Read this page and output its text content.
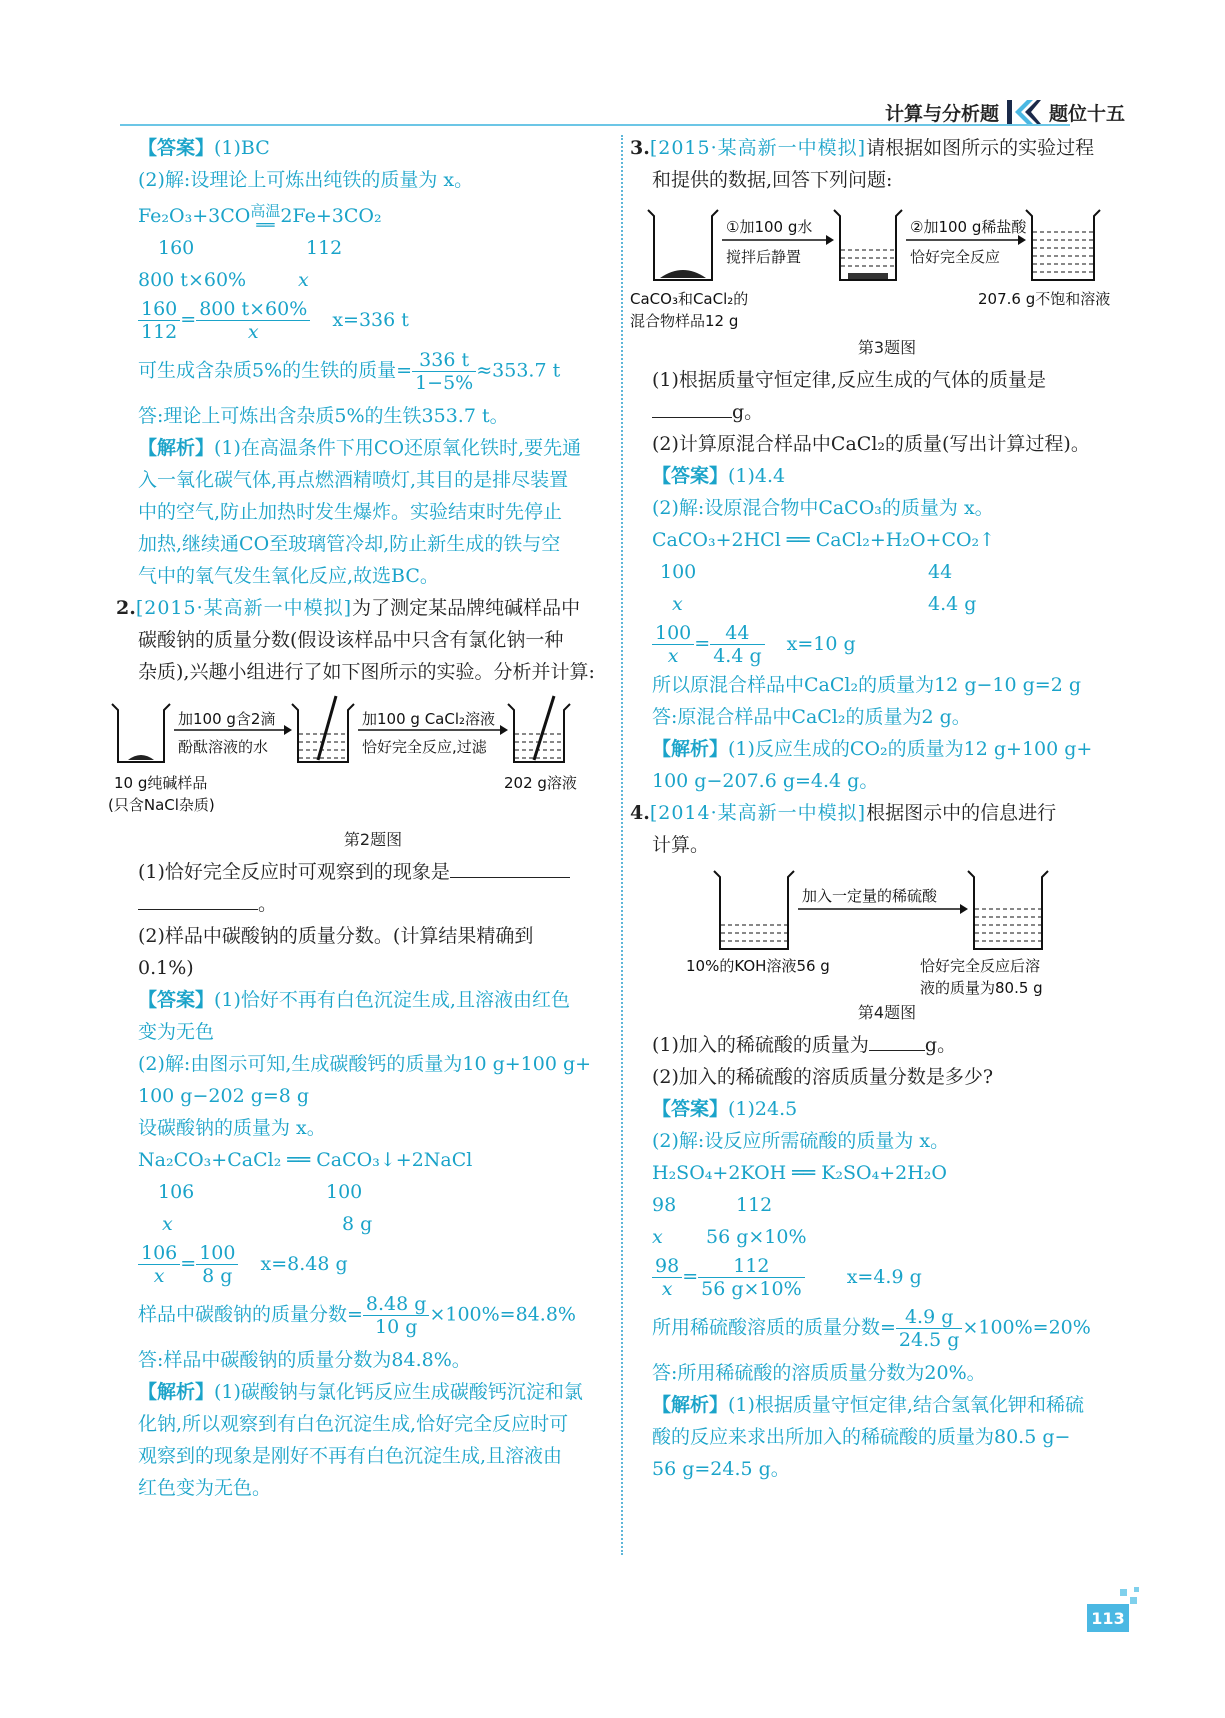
计算与分析题	题位十五
【答案】(1)BC
(2)解:设理论上可炼出纯铁的质量为 x。
Fe₂O₃+3CO 高温
══ 2Fe+3CO₂
160	112
800 t×60%	x
$\frac{160}{112} = \frac{800 t\times 60\%}{x} x=336$ t
可生成含杂质5%的生铁的质量= $\frac{336 t}{1-5\%} \approx 353.7$ t
答:理论上可炼出含杂质5%的生铁353.7 t。
【解析】(1)在高温条件下用CO还原氧化铁时,要先通
入一氧化碳气体,再点燃酒精喷灯,其目的是排尽装置
中的空气,防止加热时发生爆炸。实验结束时先停止
加热,继续通CO至玻璃管冷却,防止新生成的铁与空
气中的氧气发生氧化反应,故选BC。
2.[2015·某高新一中模拟]为了测定某品牌纯碱样品中
碳酸钠的质量分数(假设该样品中只含有氯化钠一种
杂质),兴趣小组进行了如下图所示的实验。分析并计算:
加100 g含2滴
酚酞溶液的水
加100 g CaCl₂溶液
恰好完全反应,过滤
10 g纯碱样品
(只含NaCl杂质)
202 g溶液
第2题图
(1)恰好完全反应时可观察到的现象是
。
(2)样品中碳酸钠的质量分数。(计算结果精确到
0.1%)
【答案】(1)恰好不再有白色沉淀生成,且溶液由红色
变为无色
(2)解:由图示可知,生成碳酸钙的质量为10 g+100 g+
100 g−202 g=8 g
设碳酸钠的质量为 x。
Na₂CO₃+CaCl₂ ══ CaCO₃↓+2NaCl
106	100
x	8 g
$\frac{106}{x} = \frac{100}{8 g} x=8.48$ g
样品中碳酸钠的质量分数= $\frac{8.48 g}{10 g} \times 100\%=84.8\%$
答:样品中碳酸钠的质量分数为84.8%。
【解析】(1)碳酸钠与氯化钙反应生成碳酸钙沉淀和氯
化钠,所以观察到有白色沉淀生成,恰好完全反应时可
观察到的现象是刚好不再有白色沉淀生成,且溶液由
红色变为无色。
3.[2015·某高新一中模拟]请根据如图所示的实验过程
和提供的数据,回答下列问题:
①加100 g水
搅拌后静置
②加100 g稀盐酸
恰好完全反应
CaCO₃和CaCl₂的
混合物样品12 g
207.6 g不饱和溶液
第3题图
(1)根据质量守恒定律,反应生成的气体的质量是
g。
(2)计算原混合样品中CaCl₂的质量(写出计算过程)。
【答案】(1)4.4
(2)解:设原混合物中CaCO₃的质量为 x。
CaCO₃+2HCl ══ CaCl₂+H₂O+CO₂↑
100	44
x	4.4 g
$\frac{100}{x} = \frac{44}{4.4 g} x=10$ g
所以原混合样品中CaCl₂的质量为12 g−10 g=2 g
答:原混合样品中CaCl₂的质量为2 g。
【解析】(1)反应生成的CO₂的质量为12 g+100 g+
100 g−207.6 g=4.4 g。
4.[2014·某高新一中模拟]根据图示中的信息进行
计算。
加入一定量的稀硫酸
10%的KOH溶液56 g	恰好完全反应后溶
液的质量为80.5 g
第4题图
(1)加入的稀硫酸的质量为	g。
(2)加入的稀硫酸的溶质质量分数是多少?
【答案】(1)24.5
(2)解:设反应所需硫酸的质量为 x。
H₂SO₄+2KOH ══ K₂SO₄+2H₂O
98	112
x 56 g×10%
$\frac{98}{x} = \frac{112}{56 g\times 10\%} x=4.9$ g
所用稀硫酸溶质的质量分数= $\frac{4.9 g}{24.5 g} \times 100\%=20\%$
答:所用稀硫酸的溶质质量分数为20%。
【解析】(1)根据质量守恒定律,结合氢氧化钾和稀硫
酸的反应来求出所加入的稀硫酸的质量为80.5 g−
56 g=24.5 g。
113
